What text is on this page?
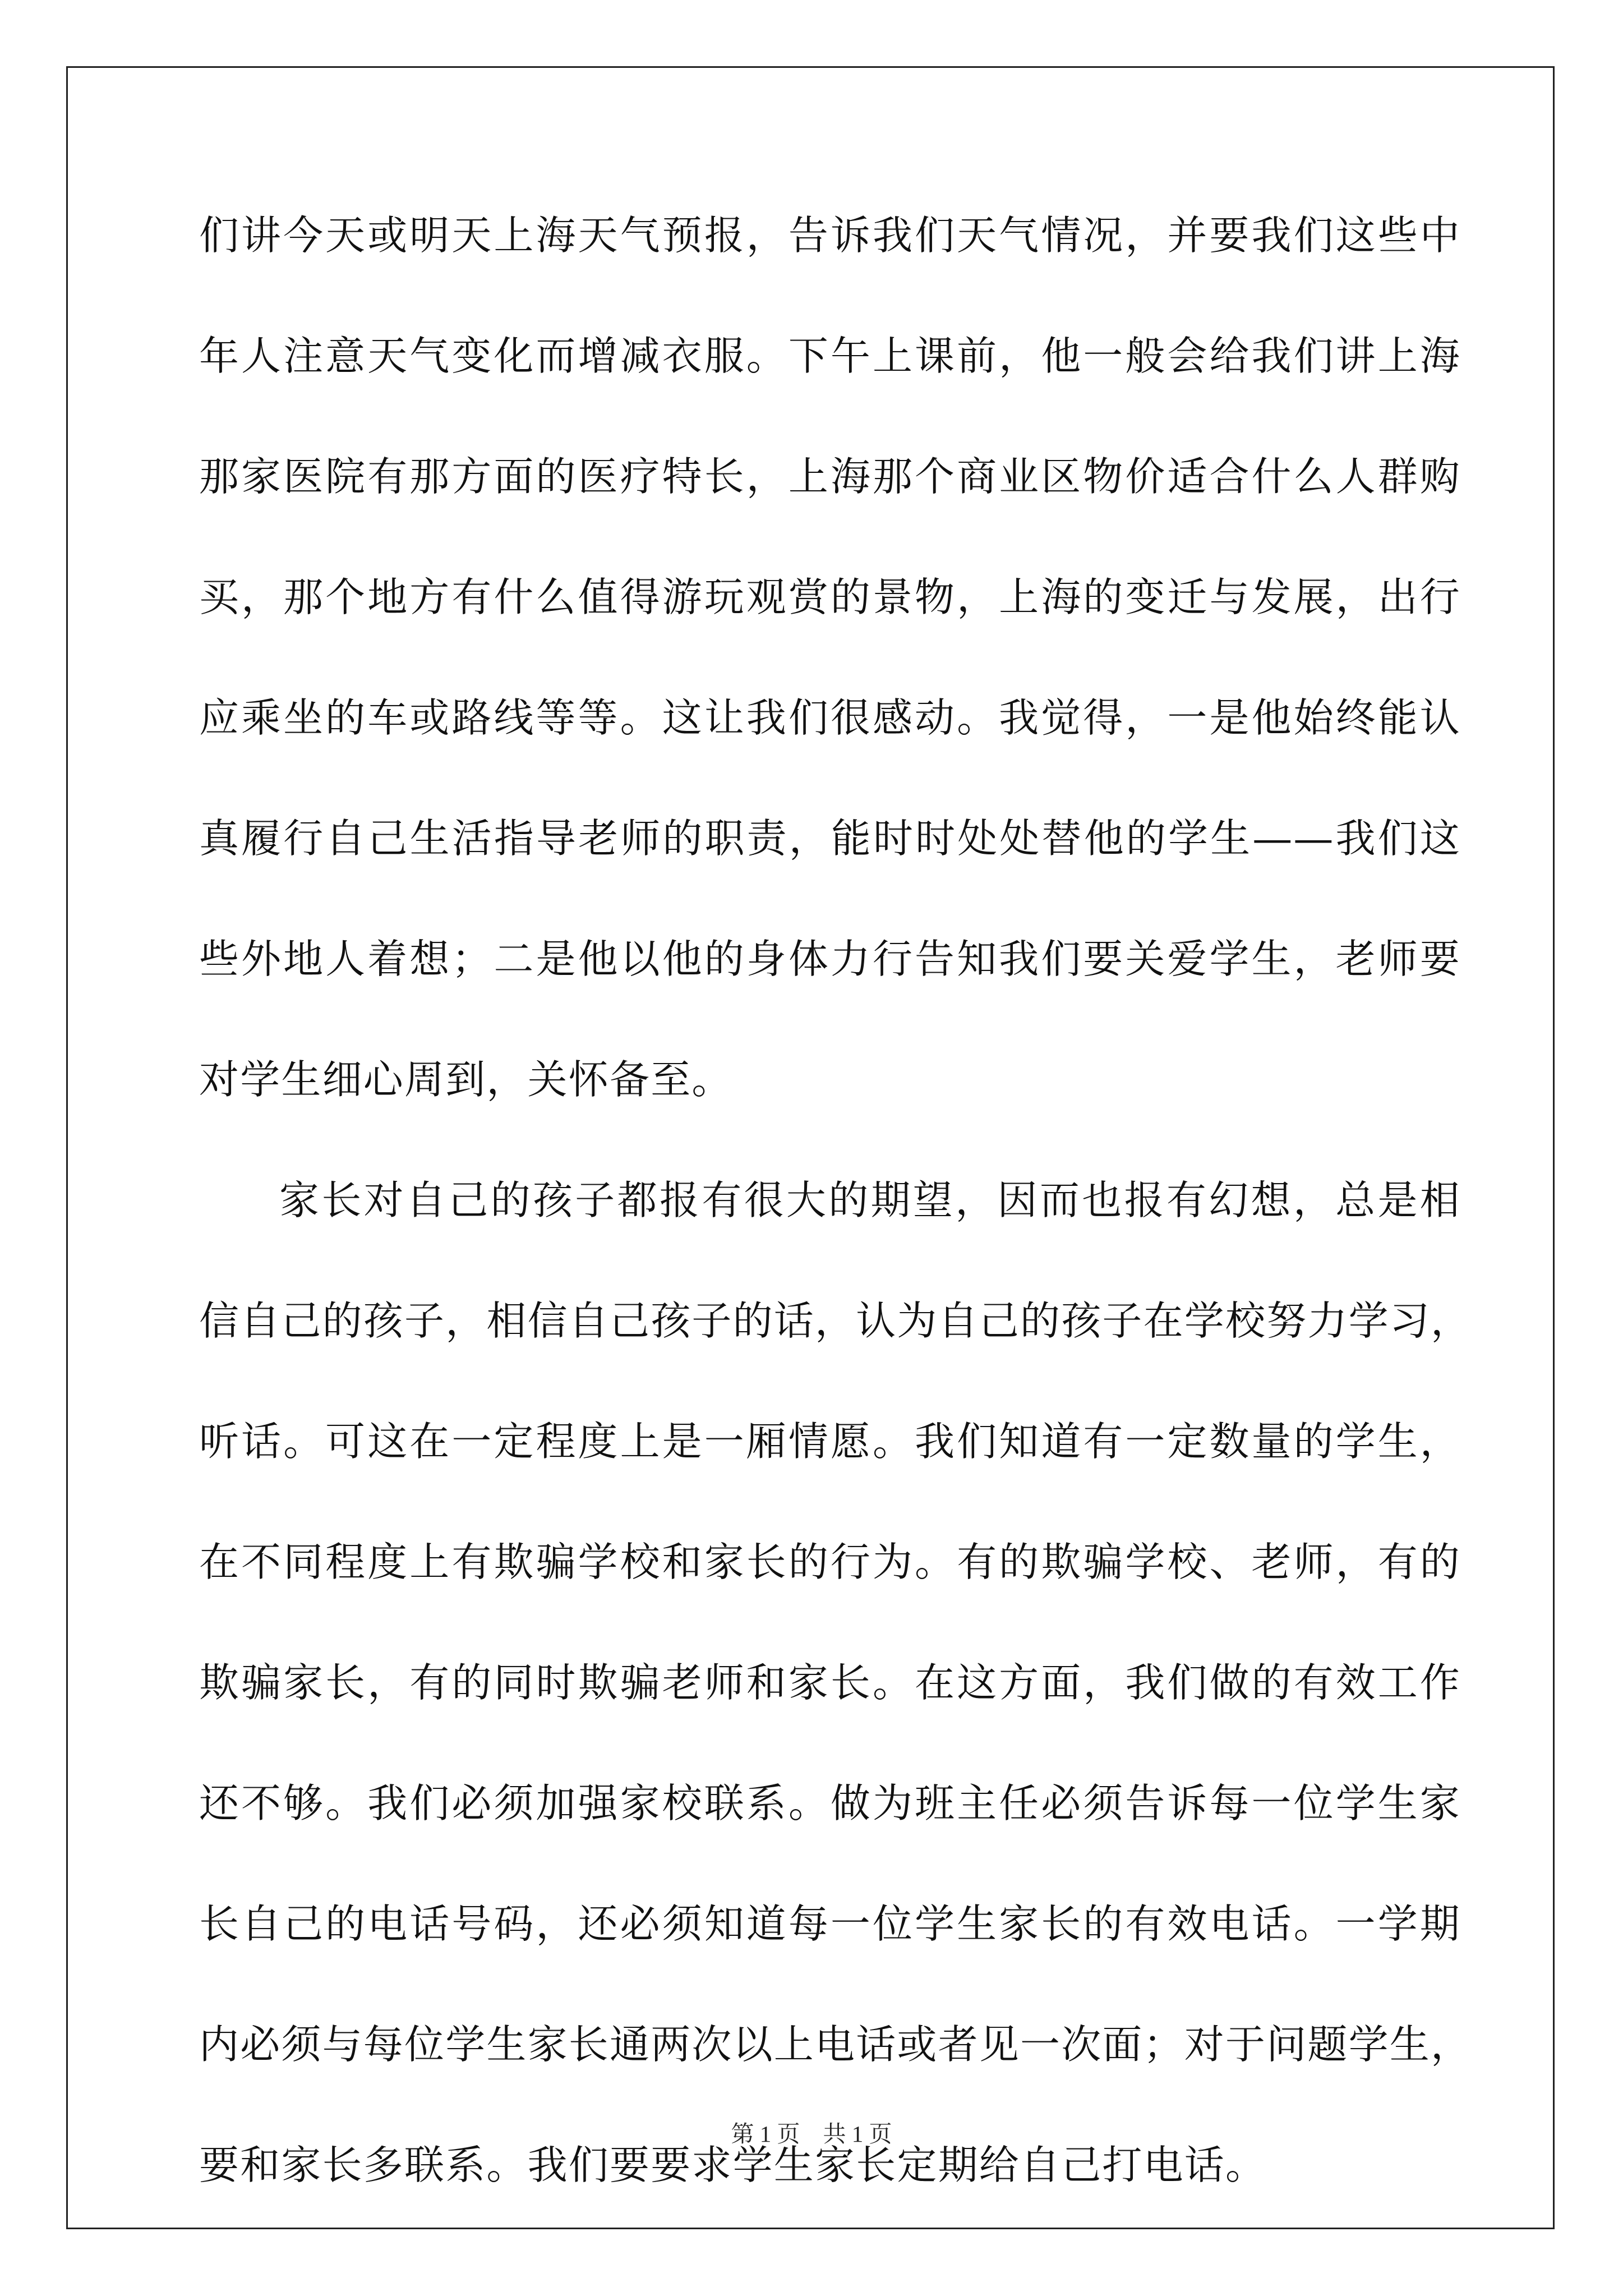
们讲今天或明天上海天气预报，告诉我们天气情况，并要我们这些中
年人注意天气变化而增减衣服。下午上课前，他一般会给我们讲上海
那家医院有那方面的医疗特长，上海那个商业区物价适合什么人群购
买，那个地方有什么值得游玩观赏的景物，上海的变迁与发展，出行
应乘坐的车或路线等等。这让我们很感动。我觉得，一是他始终能认
真履行自己生活指导老师的职责，能时时处处替他的学生——我们这
些外地人着想；二是他以他的身体力行告知我们要关爱学生，老师要
对学生细心周到，关怀备至。
家长对自己的孩子都报有很大的期望，因而也报有幻想，总是相
信自己的孩子，相信自己孩子的话，认为自己的孩子在学校努力学习，
听话。可这在一定程度上是一厢情愿。我们知道有一定数量的学生，
在不同程度上有欺骗学校和家长的行为。有的欺骗学校、老师，有的
欺骗家长，有的同时欺骗老师和家长。在这方面，我们做的有效工作
还不够。我们必须加强家校联系。做为班主任必须告诉每一位学生家
长自己的电话号码，还必须知道每一位学生家长的有效电话。一学期
内必须与每位学生家长通两次以上电话或者见一次面；对于问题学生，
要和家长多联系。我们要要求学生家长定期给自己打电话。
第 1 页    共 1 页
